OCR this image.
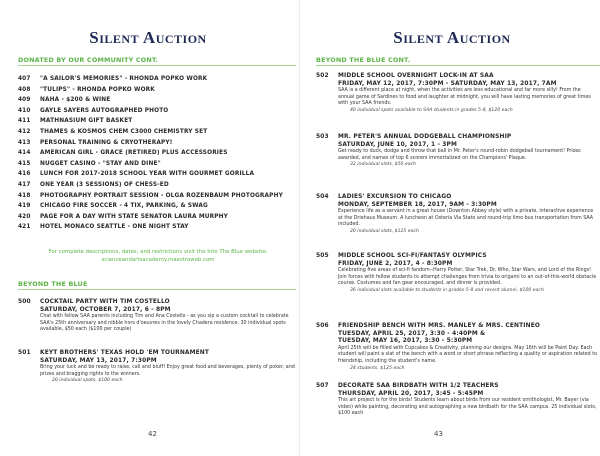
Silent Auction
DONATED BY OUR COMMUNITY CONT.
407	"A SAILOR'S MEMORIES" - RHONDA POPKO WORK
408	"TULIPS" - RHONDA POPKO WORK
409	NAHA - $200 & WINE
410	GAYLE SAYERS AUTOGRAPHED PHOTO
411	MATHNASIUM GIFT BASKET
412	THAMES & KOSMOS CHEM C3000 CHEMISTRY SET
413	PERSONAL TRAINING & CRYOTHERAPY!
414	AMERICAN GIRL - GRACE (RETIRED) PLUS ACCESSORIES
415	NUGGET CASINO - "STAY AND DINE"
416	LUNCH FOR 2017-2018 SCHOOL YEAR WITH GOURMET GORILLA
417	ONE YEAR (3 SESSIONS) OF CHESS-ED
418	PHOTOGRAPHY PORTRAIT SESSION - OLGA ROZENBAUM PHOTOGRAPHY
419	CHICAGO FIRE SOCCER - 4 TIX, PARKING, & SWAG
420	PAGE FOR A DAY WITH STATE SENATOR LAURA MURPHY
421	HOTEL MONACO SEATTLE - ONE NIGHT STAY
For complete descriptions, dates, and restrictions visit the Into The Blue website:
scienceandartsacademy.maestroweb.com
BEYOND THE BLUE
500	COCKTAIL PARTY WITH TIM COSTELLO
SATURDAY, OCTOBER 7, 2017, 6 - 8PM
Chat with fellow SAA parents including Tim and Ana Costello - as you sip a custom cocktail to celebrate SAA's 25th anniversary and nibble hors d'oeuvres in the lovely Chadera residence. 30 individual spots available, $50 each ($100 per couple)
501	KEYT BROTHERS' TEXAS HOLD 'EM TOURNAMENT
SATURDAY, MAY 13, 2017, 7:30PM
Bring your luck and be ready to raise, call and bluff! Enjoy great food and beverages, plenty of poker, and prizes and bragging rights to the winners.
20 individual spots, $100 each
42
Silent Auction
BEYOND THE BLUE CONT.
502	MIDDLE SCHOOL OVERNIGHT LOCK-IN AT SAA
FRIDAY, MAY 12, 2017, 7:30PM - SATURDAY, MAY 13, 2017, 7AM
SAA is a different place at night, when the activities are less educational and far more silly! From the annual game of Sardines to food and laughter at midnight, you will have lasting memories of great times with your SAA friends.
40 individual spots available to SAA students in grades 5-8, $120 each
503	MR. PETER'S ANNUAL DODGEBALL CHAMPIONSHIP
SATURDAY, JUNE 10, 2017, 1 - 3PM
Get ready to duck, dodge and throw that ball in Mr. Peter's round-robin dodgeball tournament! Prizes awarded, and names of top 6 scorers immortalized on the Champions' Plaque.
32 individual slots, $50 each
504	LADIES' EXCURSION TO CHICAGO
MONDAY, SEPTEMBER 18, 2017, 9AM - 3:30PM
Experience life as a servant in a great house (Downton Abbey style) with a private, interactive experience at the Driehaus Museum. A luncheon at Osteria Via Stato and round-trip limo bus transportation from SAA included.
20 individual slots, $125 each
505	MIDDLE SCHOOL SCI-FI/FANTASY OLYMPICS
FRIDAY, JUNE 2, 2017, 4 - 8:30PM
Celebrating five areas of sci-fi fandom--Harry Potter, Star Trek, Dr. Who, Star Wars, and Lord of the Rings! Join forces with fellow students to attempt challenges from trivia to origami to an out-of-this-world obstacle course. Costumes and fan gear encouraged, and dinner is provided.
36 individual slots available to students in grades 5-8 and recent alumni, $100 each
506	FRIENDSHIP BENCH WITH MRS. MANLEY & MRS. CENTINEO
TUESDAY, APRIL 25, 2017, 3:30 - 4:40PM &
TUESDAY, MAY 16, 2017, 3:30 - 5:30PM
April 25th will be filled with Cupcakes & Creativity, planning our designs. May 16th will be Paint Day. Each student will paint a slat of the bench with a word or short phrase reflecting a quality or aspiration related to friendship, including the student's name.
24 students, $125 each
507	DECORATE SAA BIRDBATH WITH 1/2 TEACHERS
THURSDAY, APRIL 20, 2017, 3:45 - 5:45PM
This art project is for the birds! Students learn about birds from our resident ornithologist, Mr. Bayer (via video) while painting, decorating and autographing a new birdbath for the SAA campus. 25 individual slots, $100 each
43
